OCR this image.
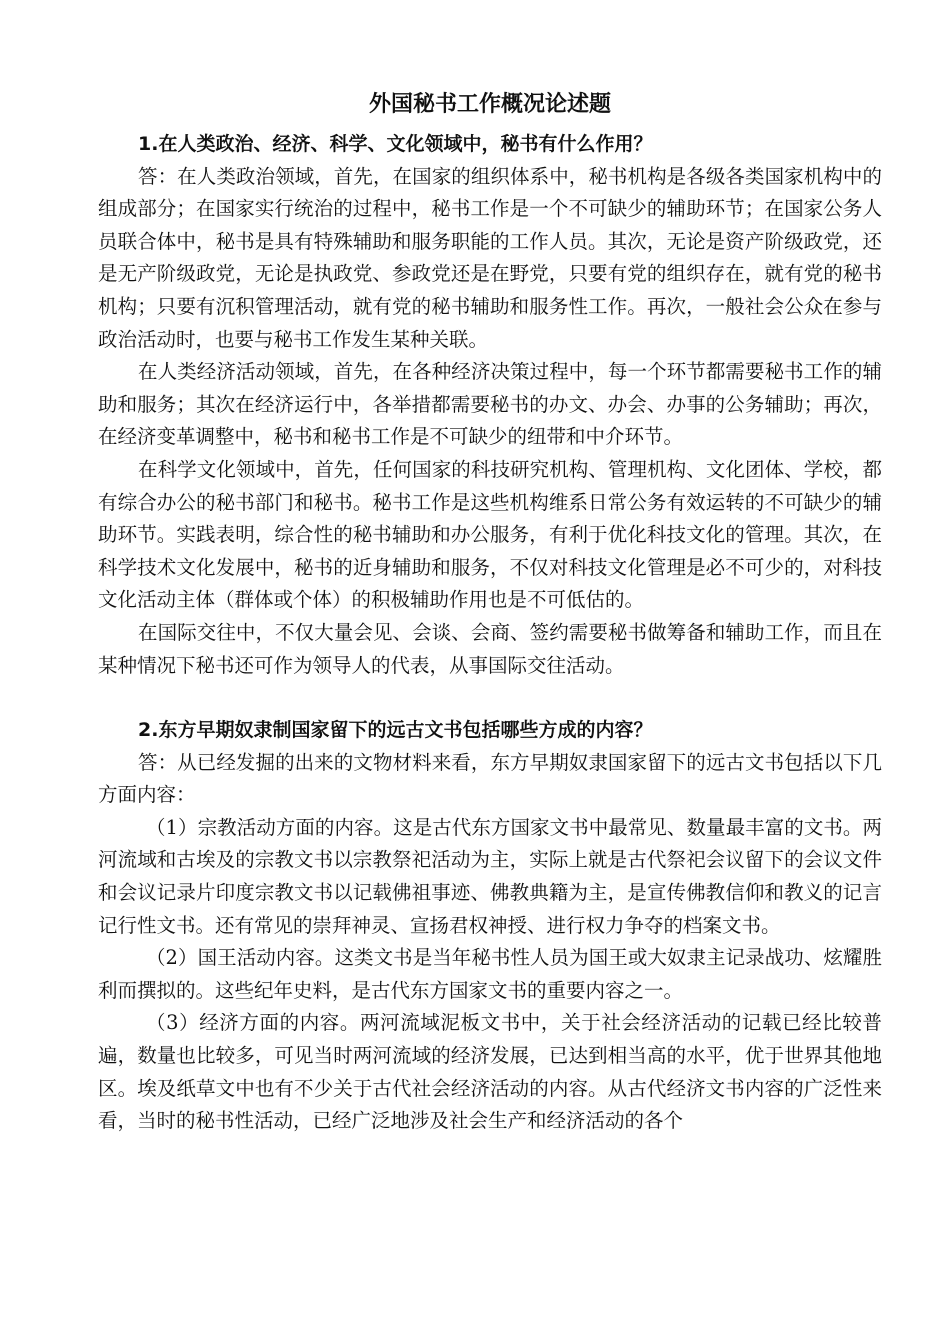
外国秘书工作概况论述题

1.在人类政治、经济、科学、文化领域中，秘书有什么作用？

答：在人类政治领域，首先，在国家的组织体系中，秘书机构是各级各类国家机构中的组成部分；在国家实行统治的过程中，秘书工作是一个不可缺少的辅助环节；在国家公务人员联合体中，秘书是具有特殊辅助和服务职能的工作人员。其次，无论是资产阶级政党，还是无产阶级政党，无论是执政党、参政党还是在野党，只要有党的组织存在，就有党的秘书机构；只要有沉积管理活动，就有党的秘书辅助和服务性工作。再次，一般社会公众在参与政治活动时，也要与秘书工作发生某种关联。

在人类经济活动领域，首先，在各种经济决策过程中，每一个环节都需要秘书工作的辅助和服务；其次在经济运行中，各举措都需要秘书的办文、办会、办事的公务辅助；再次，在经济变革调整中，秘书和秘书工作是不可缺少的纽带和中介环节。

在科学文化领域中，首先，任何国家的科技研究机构、管理机构、文化团体、学校，都有综合办公的秘书部门和秘书。秘书工作是这些机构维系日常公务有效运转的不可缺少的辅助环节。实践表明，综合性的秘书辅助和办公服务，有利于优化科技文化的管理。其次，在科学技术文化发展中，秘书的近身辅助和服务，不仅对科技文化管理是必不可少的，对科技文化活动主体（群体或个体）的积极辅助作用也是不可低估的。

在国际交往中，不仅大量会见、会谈、会商、签约需要秘书做筹备和辅助工作，而且在某种情况下秘书还可作为领导人的代表，从事国际交往活动。

2.东方早期奴隶制国家留下的远古文书包括哪些方成的内容？

答：从已经发掘的出来的文物材料来看，东方早期奴隶国家留下的远古文书包括以下几方面内容：

（1）宗教活动方面的内容。这是古代东方国家文书中最常见、数量最丰富的文书。两河流域和古埃及的宗教文书以宗教祭祀活动为主，实际上就是古代祭祀会议留下的会议文件和会议记录片印度宗教文书以记载佛祖事迹、佛教典籍为主，是宣传佛教信仰和教义的记言记行性文书。还有常见的崇拜神灵、宣扬君权神授、进行权力争夺的档案文书。

（2）国王活动内容。这类文书是当年秘书性人员为国王或大奴隶主记录战功、炫耀胜利而撰拟的。这些纪年史料，是古代东方国家文书的重要内容之一。

（3）经济方面的内容。两河流域泥板文书中，关于社会经济活动的记载已经比较普遍，数量也比较多，可见当时两河流域的经济发展，已达到相当高的水平，优于世界其他地区。埃及纸草文中也有不少关于古代社会经济活动的内容。从古代经济文书内容的广泛性来看，当时的秘书性活动，已经广泛地涉及社会生产和经济活动的各个
